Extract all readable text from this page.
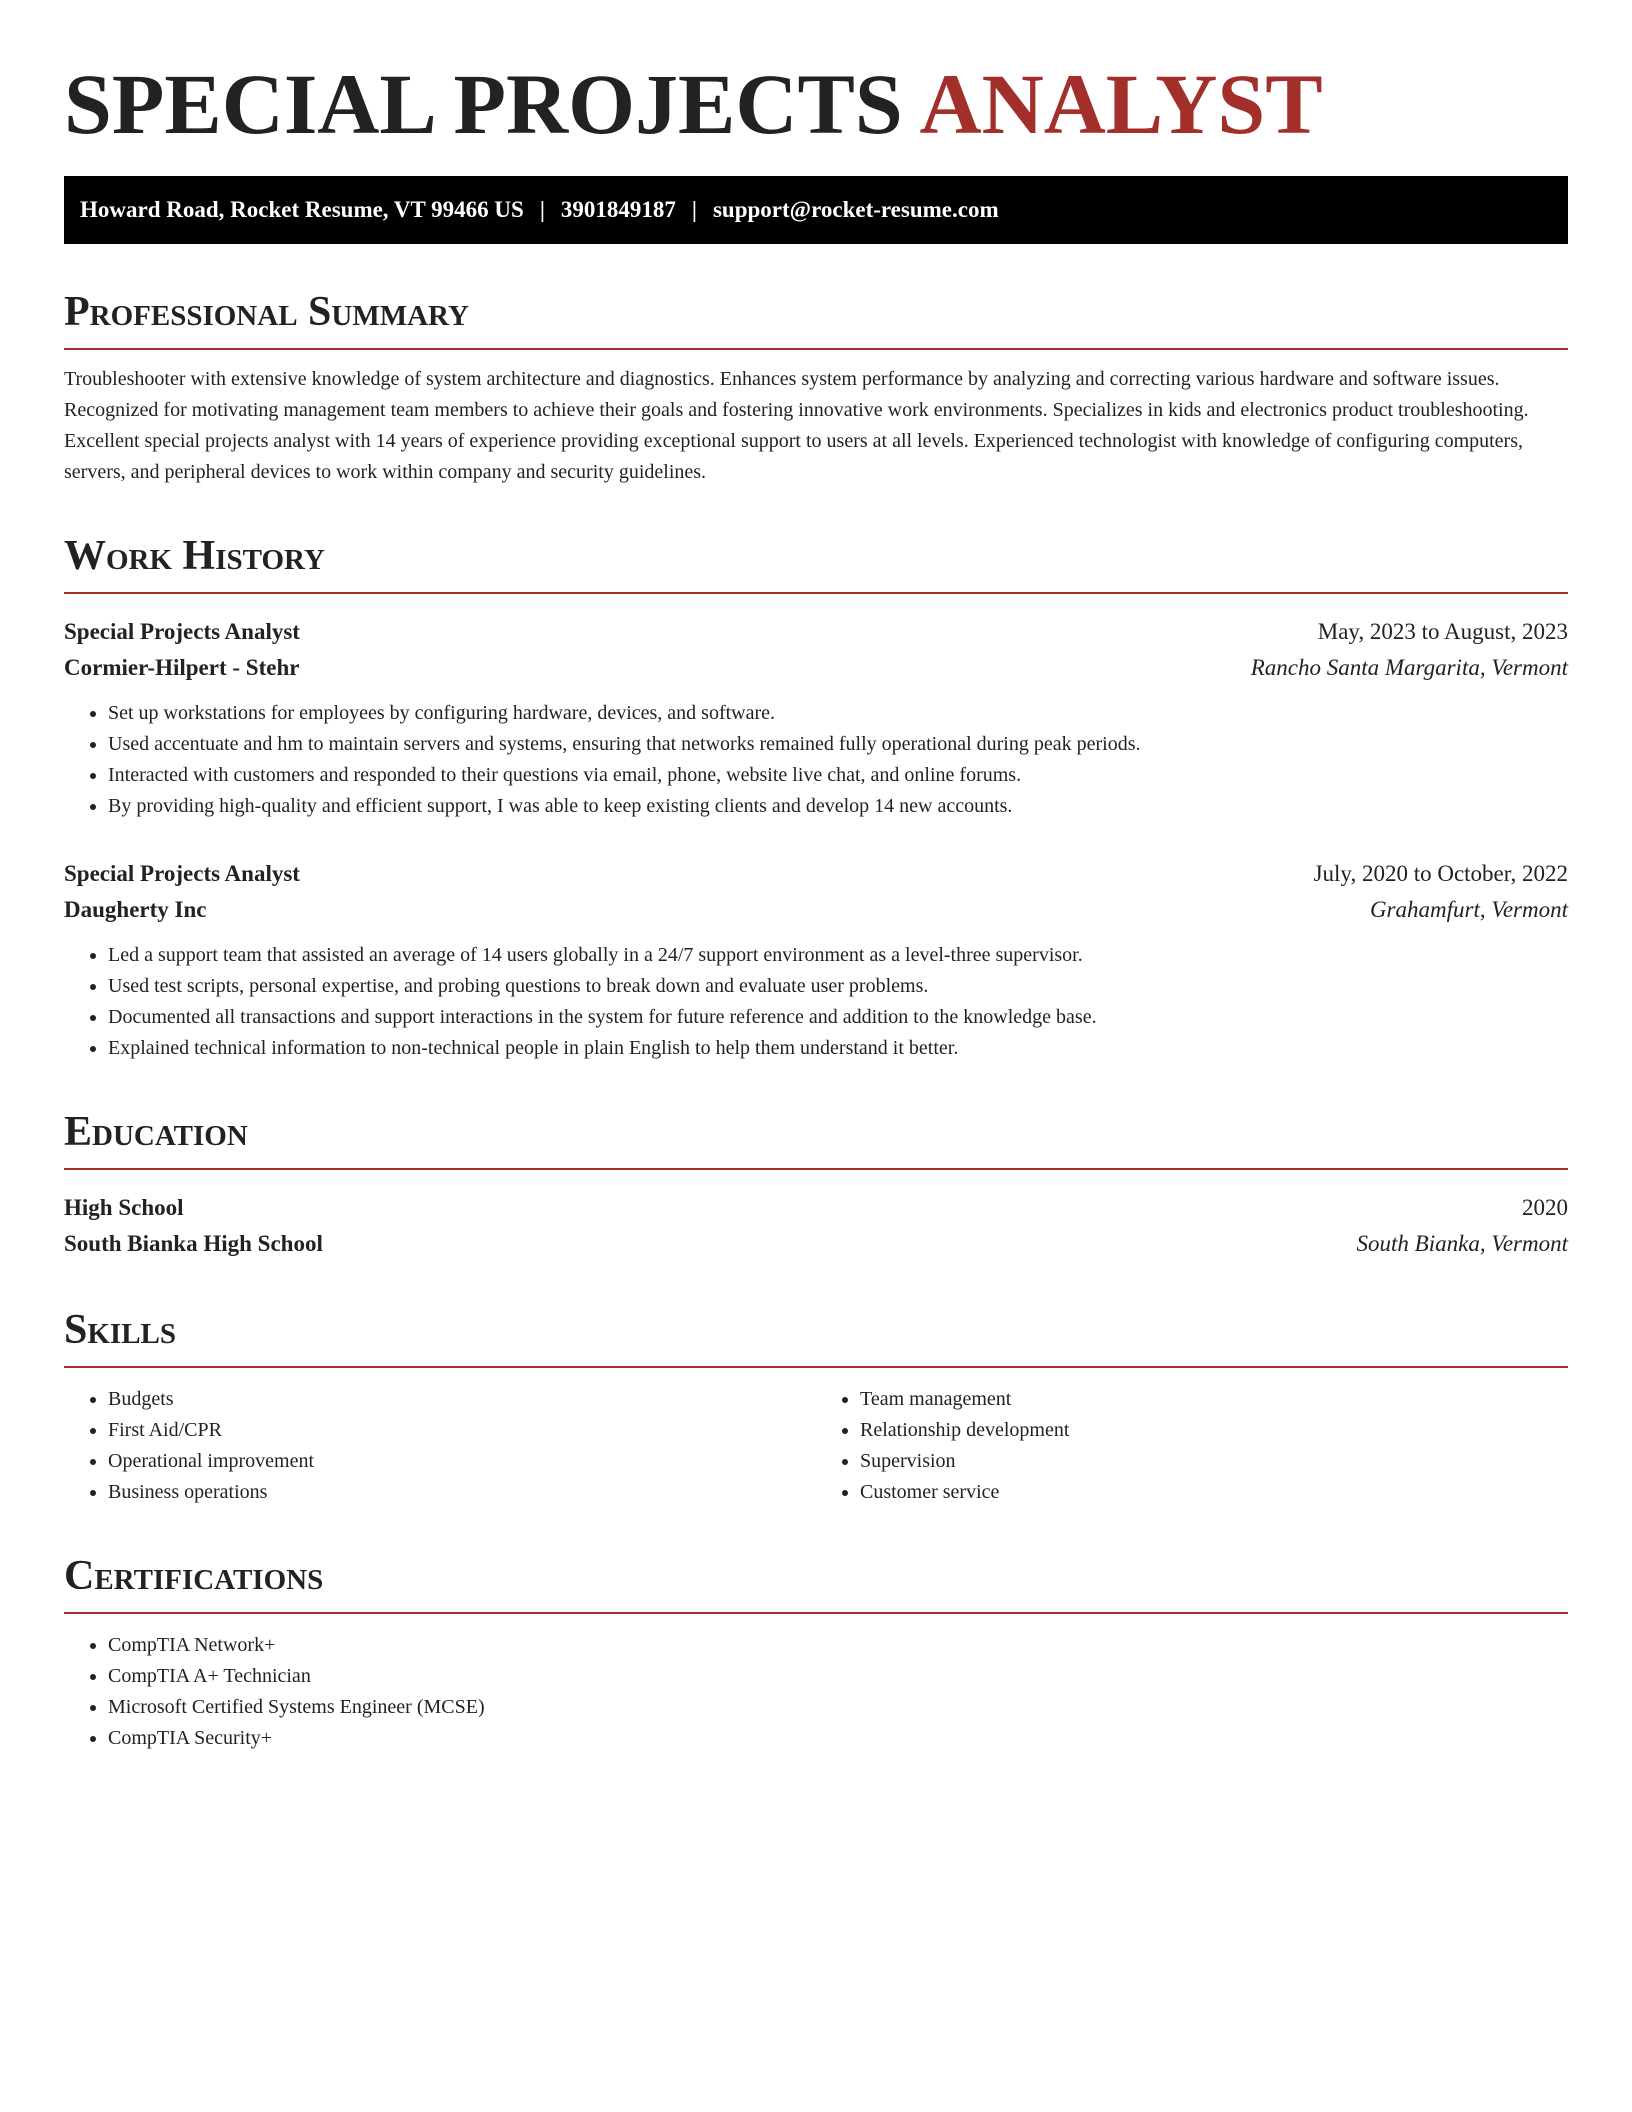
SPECIAL PROJECTS ANALYST
Howard Road, Rocket Resume, VT 99466 US | 3901849187 | support@rocket-resume.com
Professional Summary

Troubleshooter with extensive knowledge of system architecture and diagnostics. Enhances system performance by analyzing and correcting various hardware and software issues. Recognized for motivating management team members to achieve their goals and fostering innovative work environments. Specializes in kids and electronics product troubleshooting. Excellent special projects analyst with 14 years of experience providing exceptional support to users at all levels. Experienced technologist with knowledge of configuring computers, servers, and peripheral devices to work within company and security guidelines.

Work History
Special Projects Analyst	May, 2023 to August, 2023
Cormier-Hilpert - Stehr	Rancho Santa Margarita, Vermont
• Set up workstations for employees by configuring hardware, devices, and software.
• Used accentuate and hm to maintain servers and systems, ensuring that networks remained fully operational during peak periods.
• Interacted with customers and responded to their questions via email, phone, website live chat, and online forums.
• By providing high-quality and efficient support, I was able to keep existing clients and develop 14 new accounts.
Special Projects Analyst	July, 2020 to October, 2022
Daugherty Inc	Grahamfurt, Vermont
• Led a support team that assisted an average of 14 users globally in a 24/7 support environment as a level-three supervisor.
• Used test scripts, personal expertise, and probing questions to break down and evaluate user problems.
• Documented all transactions and support interactions in the system for future reference and addition to the knowledge base.
• Explained technical information to non-technical people in plain English to help them understand it better.
Education
High School	2020
South Bianka High School	South Bianka, Vermont
Skills
• Budgets
• First Aid/CPR
• Operational improvement
• Business operations
• Team management
• Relationship development
• Supervision
• Customer service
Certifications
• CompTIA Network+
• CompTIA A+ Technician
• Microsoft Certified Systems Engineer (MCSE)
• CompTIA Security+
